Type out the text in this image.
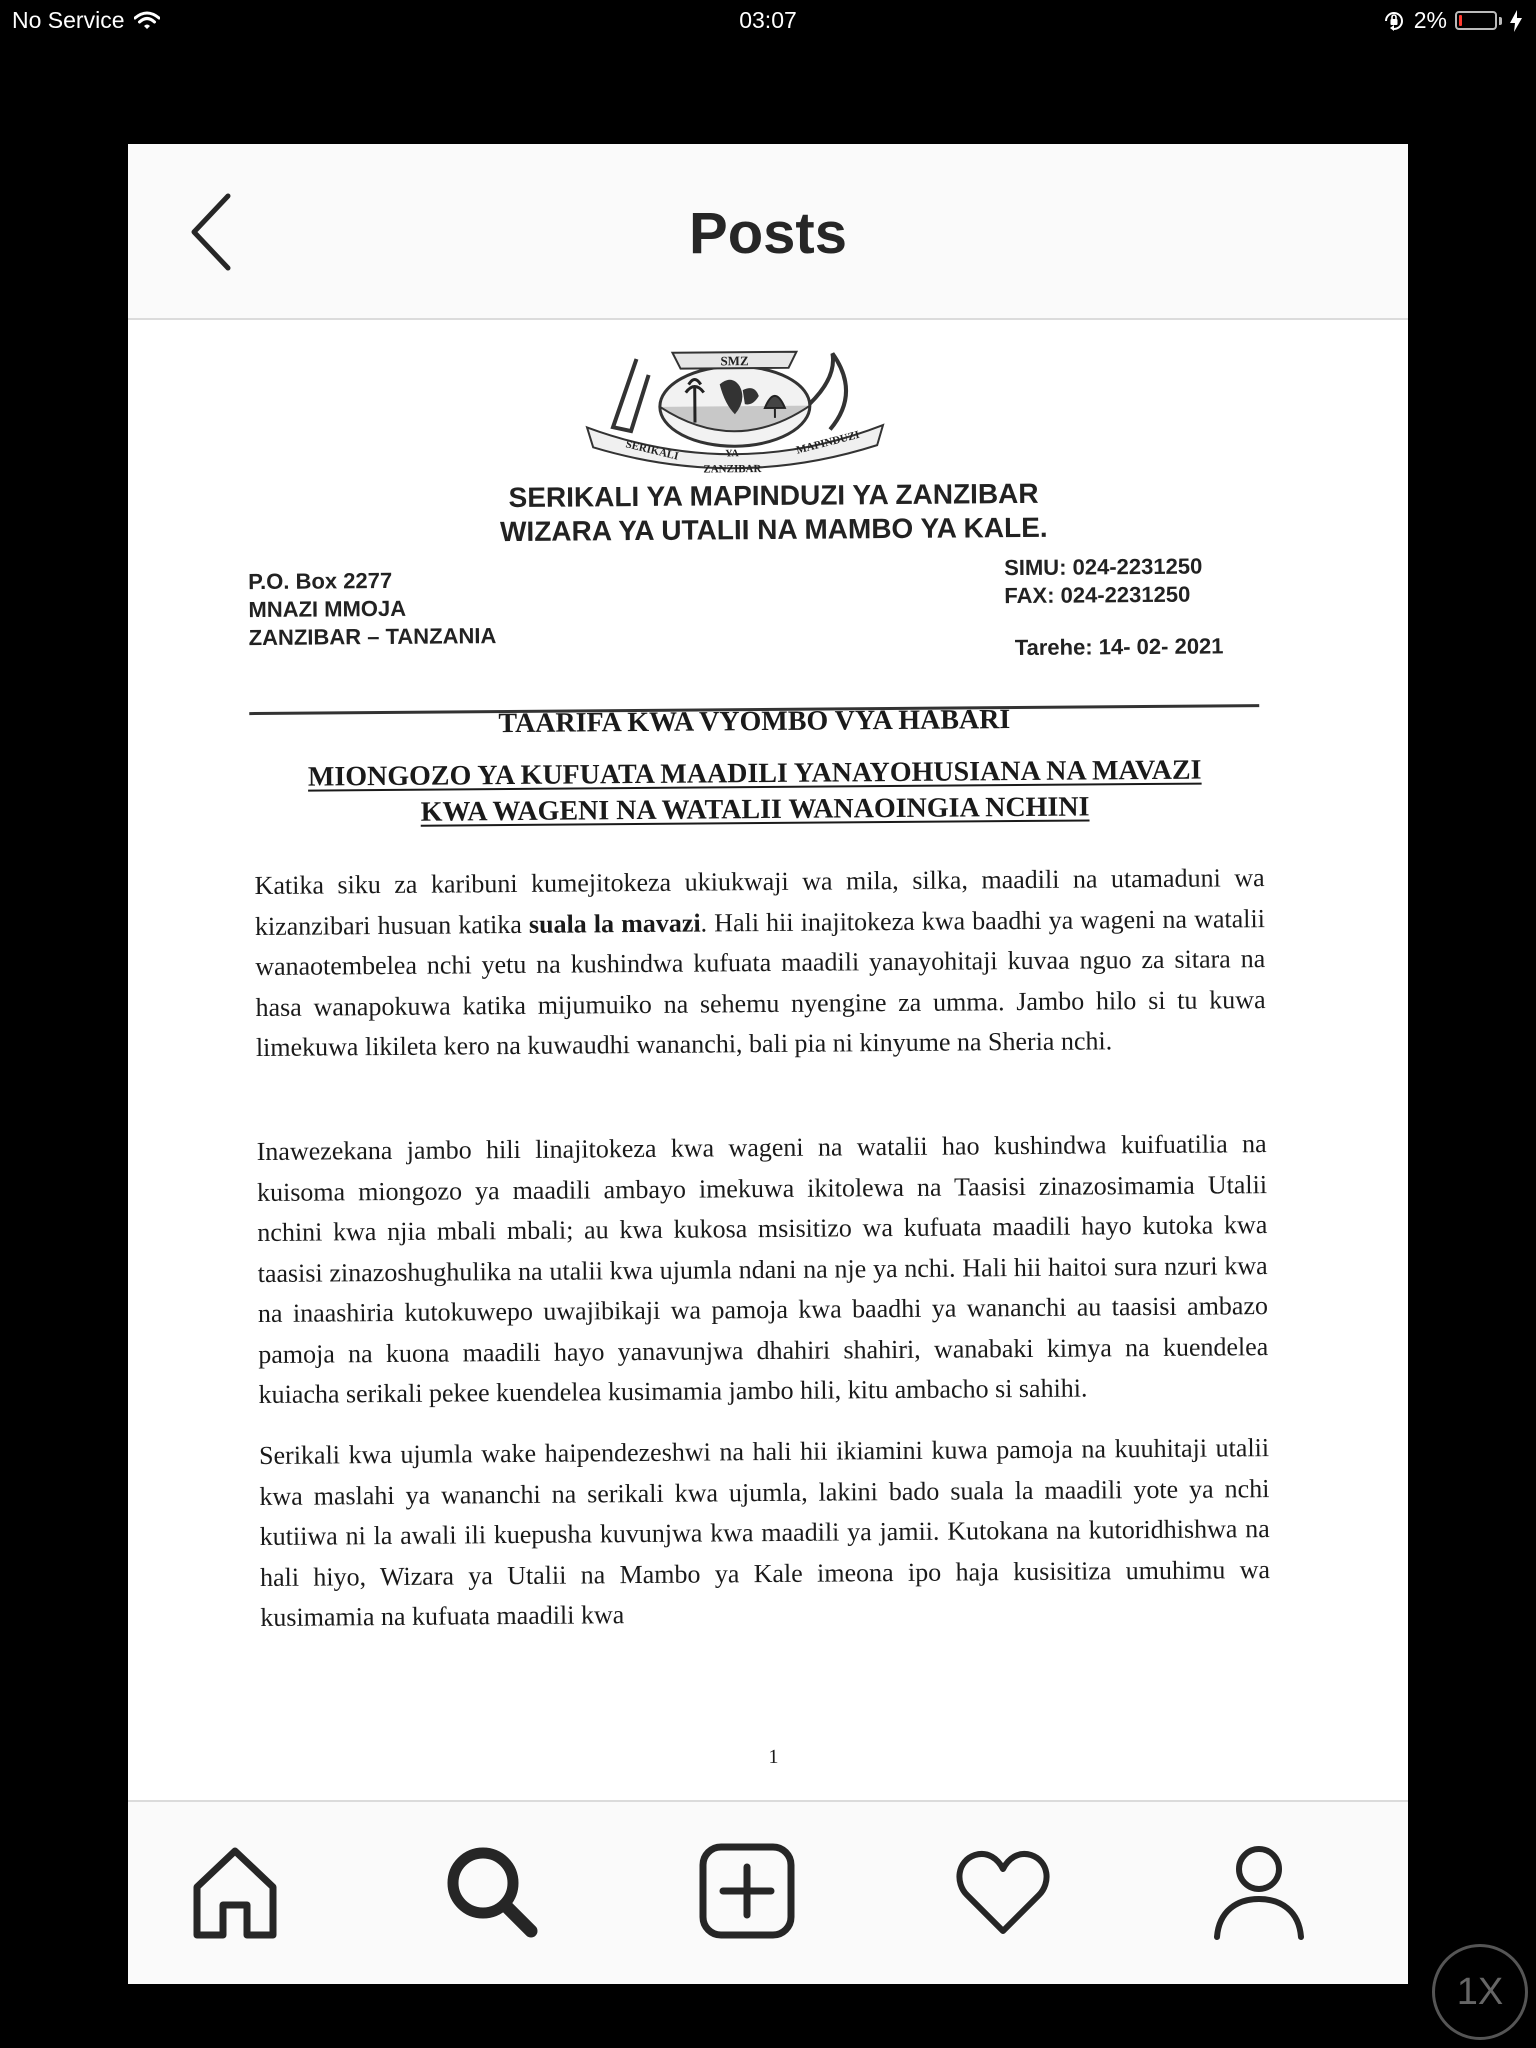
No Service	03:07	2%
Posts
SMZ
SERIKALI	YA
ZANZIBAR
MAPINDUZI
SERIKALI YA MAPINDUZI YA ZANZIBAR
WIZARA YA UTALII NA MAMBO YA KALE.
P.O. Box 2277
MNAZI MMOJA
ZANZIBAR – TANZANIA
SIMU: 024-2231250
FAX: 024-2231250
Tarehe: 14- 02- 2021
TAARIFA KWA VYOMBO VYA HABARI
MIONGOZO YA KUFUATA MAADILI YANAYOHUSIANA NA MAVAZI
KWA WAGENI NA WATALII WANAOINGIA NCHINI
Katika siku za karibuni kumejitokeza ukiukwaji wa mila, silka, maadili na utamaduni wa kizanzibari husuan katika suala la mavazi. Hali hii inajitokeza kwa baadhi ya wageni na watalii wanaotembelea nchi yetu na kushindwa kufuata maadili yanayohitaji kuvaa nguo za sitara na hasa wanapokuwa katika mijumuiko na sehemu nyengine za umma. Jambo hilo si tu kuwa limekuwa likileta kero na kuwaudhi wananchi, bali pia ni kinyume na Sheria nchi.
Inawezekana jambo hili linajitokeza kwa wageni na watalii hao kushindwa kuifuatilia na kuisoma miongozo ya maadili ambayo imekuwa ikitolewa na Taasisi zinazosimamia Utalii nchini kwa njia mbali mbali; au kwa kukosa msisitizo wa kufuata maadili hayo kutoka kwa taasisi zinazoshughulika na utalii kwa ujumla ndani na nje ya nchi. Hali hii haitoi sura nzuri kwa na inaashiria kutokuwepo uwajibikaji wa pamoja kwa baadhi ya wananchi au taasisi ambazo pamoja na kuona maadili hayo yanavunjwa dhahiri shahiri, wanabaki kimya na kuendelea kuiacha serikali pekee kuendelea kusimamia jambo hili, kitu ambacho si sahihi.
Serikali kwa ujumla wake haipendezeshwi na hali hii ikiamini kuwa pamoja na kuuhitaji utalii kwa maslahi ya wananchi na serikali kwa ujumla, lakini bado suala la maadili yote ya nchi kutiiwa ni la awali ili kuepusha kuvunjwa kwa maadili ya jamii. Kutokana na kutoridhishwa na hali hiyo, Wizara ya Utalii na Mambo ya Kale imeona ipo haja kusisitiza umuhimu wa kusimamia na kufuata maadili kwa
1
1X
